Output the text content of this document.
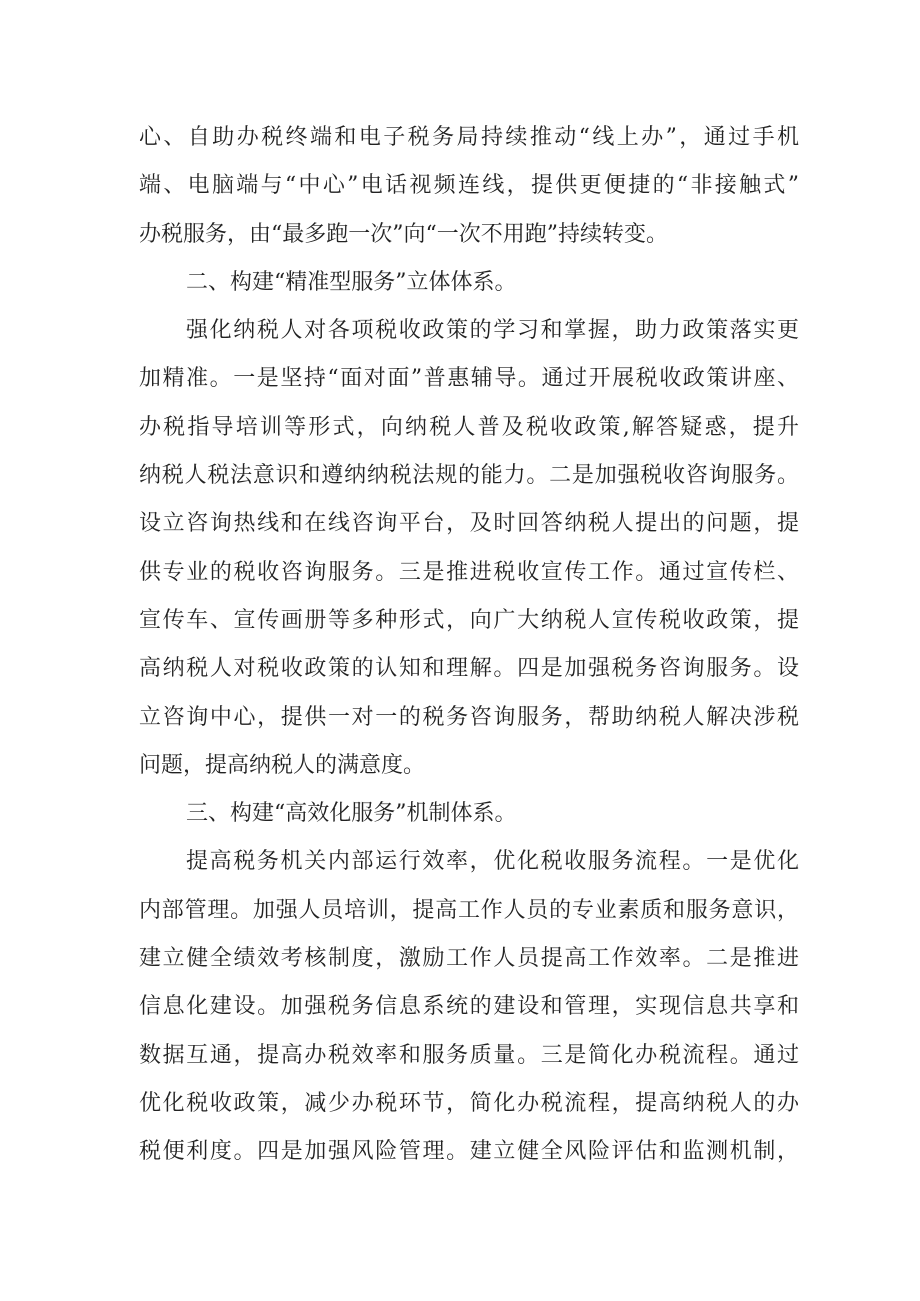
心、自助办税终端和电子税务局持续推动“线上办”，通过手机
端、电脑端与“中心”电话视频连线，提供更便捷的“非接触式”
办税服务，由“最多跑一次”向“一次不用跑”持续转变。
二、构建“精准型服务”立体体系。
强化纳税人对各项税收政策的学习和掌握，助力政策落实更
加精准。一是坚持“面对面”普惠辅导。通过开展税收政策讲座、
办税指导培训等形式，向纳税人普及税收政策,解答疑惑，提升
纳税人税法意识和遵纳纳税法规的能力。二是加强税收咨询服务。
设立咨询热线和在线咨询平台，及时回答纳税人提出的问题，提
供专业的税收咨询服务。三是推进税收宣传工作。通过宣传栏、
宣传车、宣传画册等多种形式，向广大纳税人宣传税收政策，提
高纳税人对税收政策的认知和理解。四是加强税务咨询服务。设
立咨询中心，提供一对一的税务咨询服务，帮助纳税人解决涉税
问题，提高纳税人的满意度。
三、构建“高效化服务”机制体系。
提高税务机关内部运行效率，优化税收服务流程。一是优化
内部管理。加强人员培训，提高工作人员的专业素质和服务意识，
建立健全绩效考核制度，激励工作人员提高工作效率。二是推进
信息化建设。加强税务信息系统的建设和管理，实现信息共享和
数据互通，提高办税效率和服务质量。三是简化办税流程。通过
优化税收政策，减少办税环节，简化办税流程，提高纳税人的办
税便利度。四是加强风险管理。建立健全风险评估和监测机制，
